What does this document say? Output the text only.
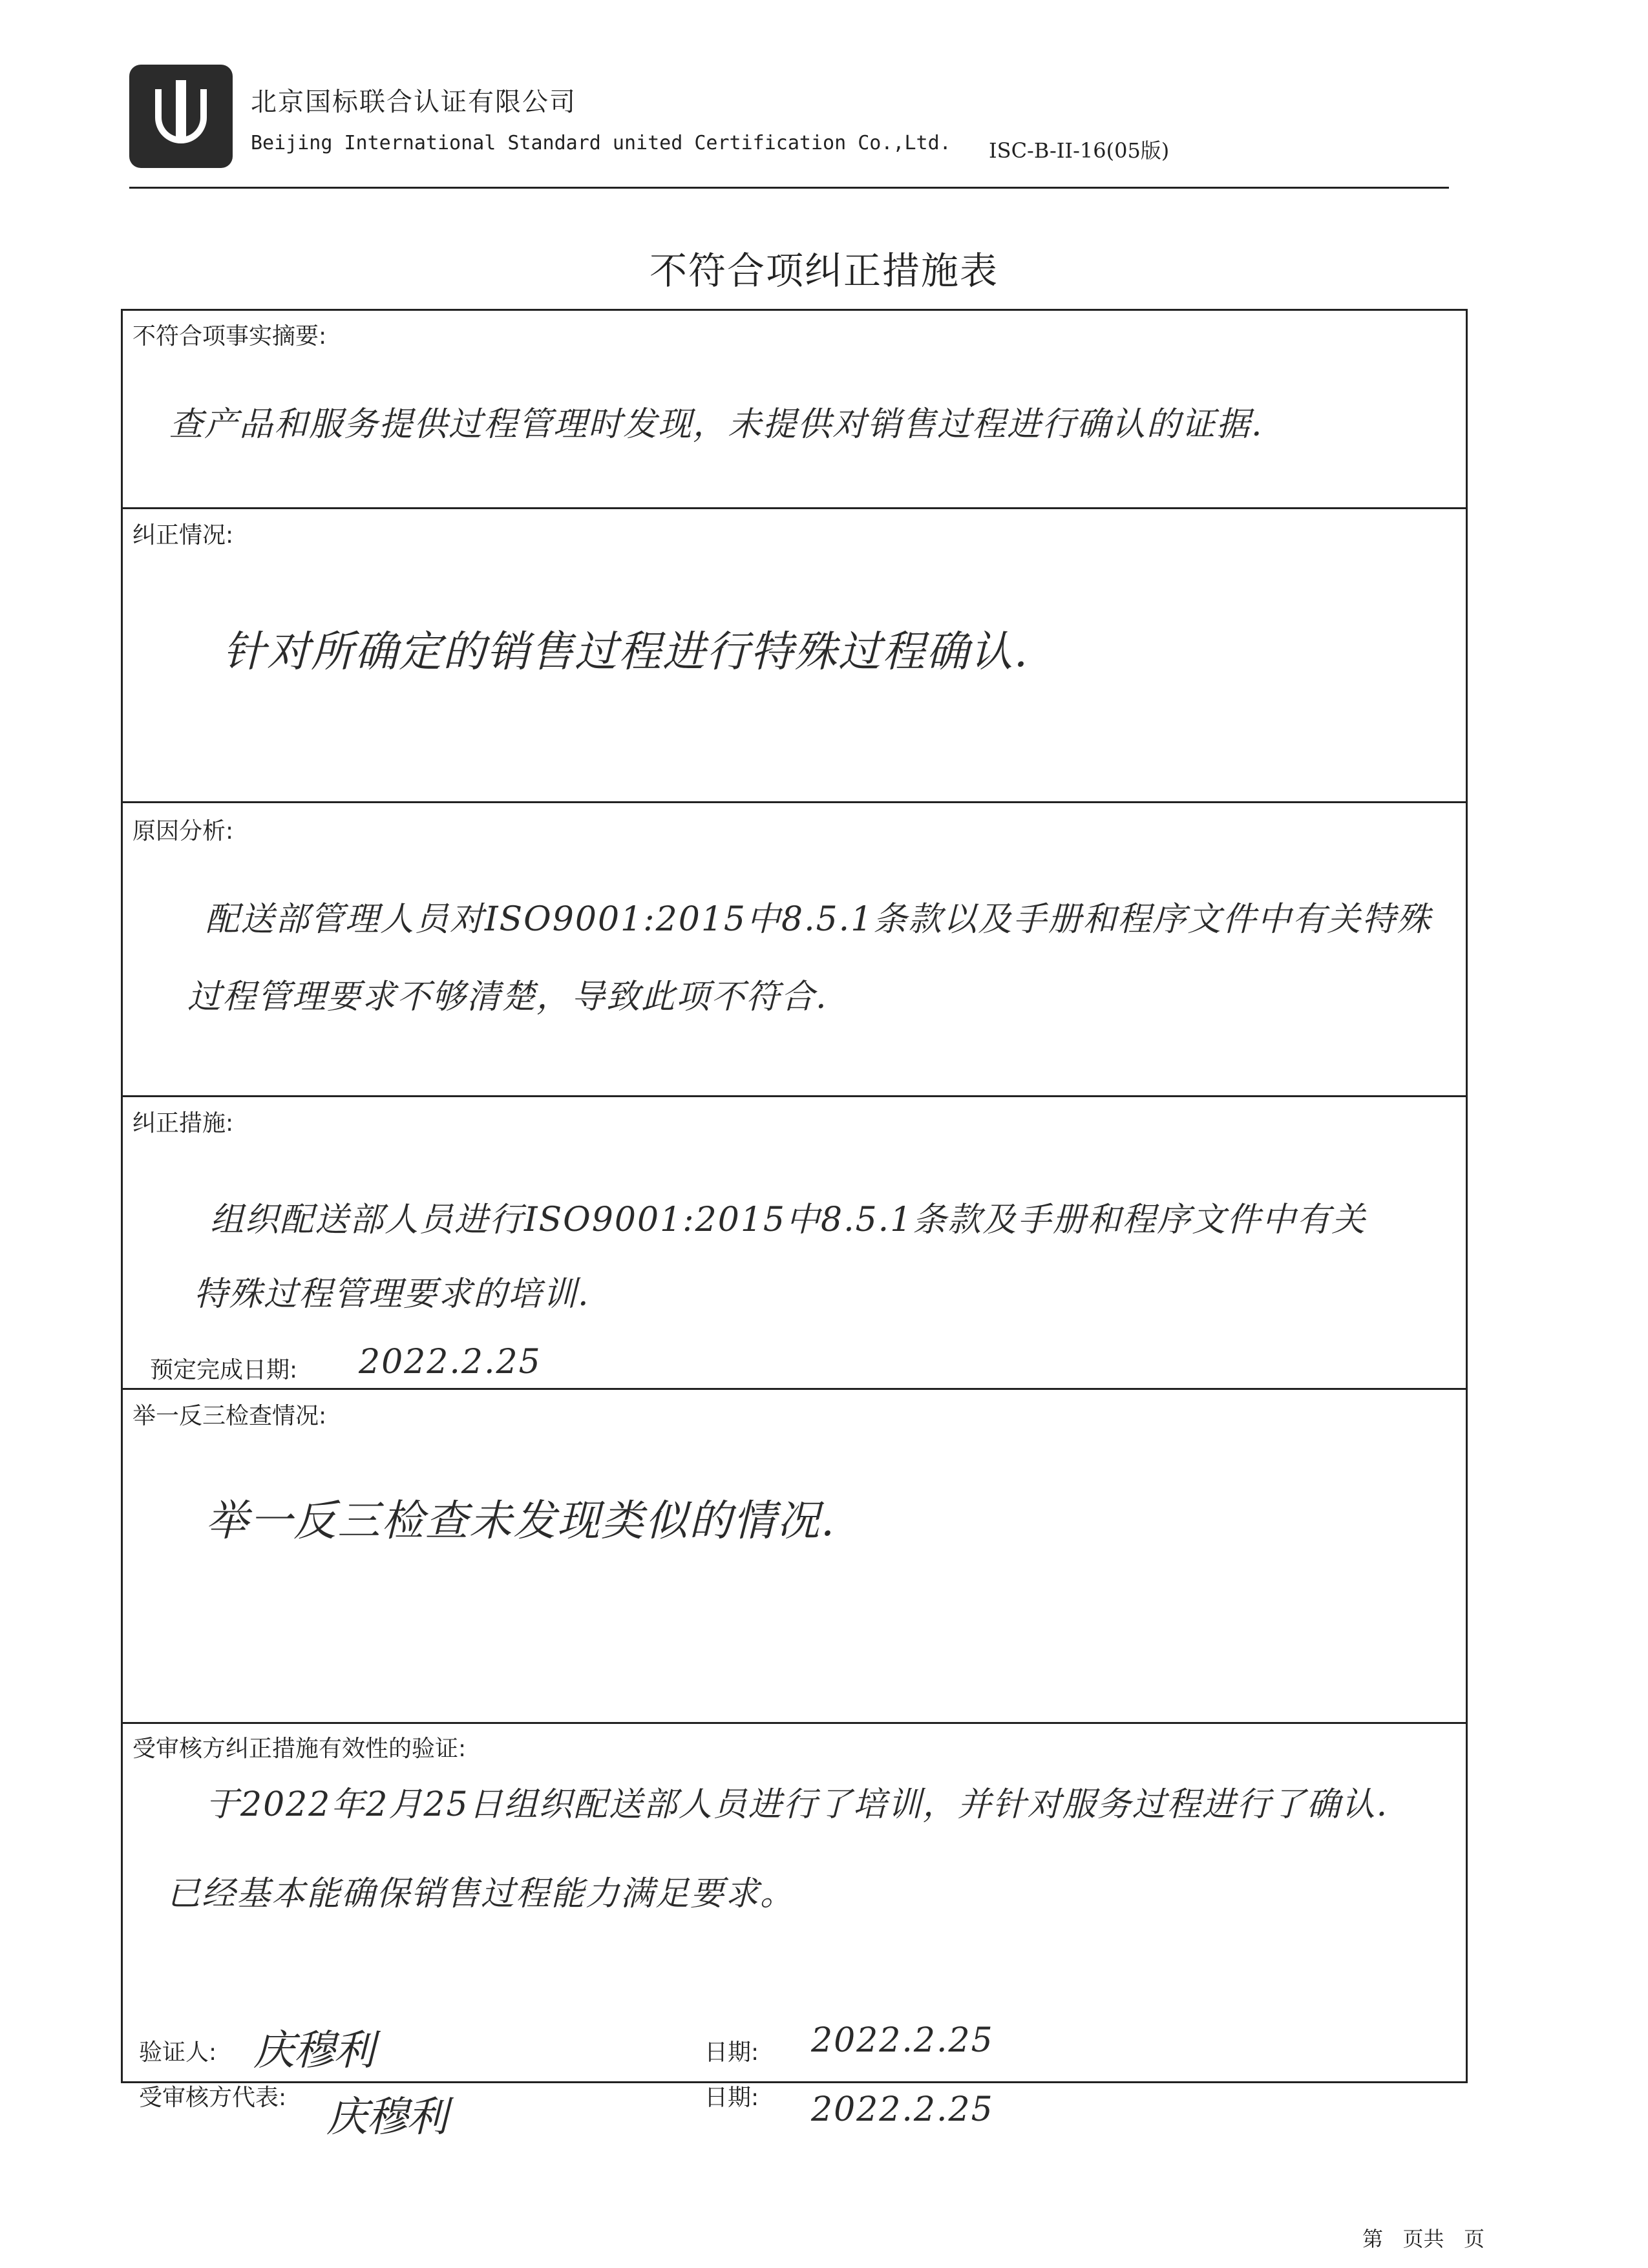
北京国标联合认证有限公司
Beijing International Standard united Certification Co.,Ltd. ISC-B-II-16(05版)
不符合项纠正措施表
不符合项事实摘要:
查产品和服务提供过程管理时发现，未提供对销售过程进行确认的证据.
纠正情况:
针对所确定的销售过程进行特殊过程确认.
原因分析:
配送部管理人员对ISO9001:2015中8.5.1条款以及手册和程序文件中有关特殊
过程管理要求不够清楚，导致此项不符合.
纠正措施:
组织配送部人员进行ISO9001:2015中8.5.1条款及手册和程序文件中有关
特殊过程管理要求的培训.
预定完成日期: 2022.2.25
举一反三检查情况:
举一反三检查未发现类似的情况.
受审核方纠正措施有效性的验证:
于2022年2月25日组织配送部人员进行了培训，并针对服务过程进行了确认.
已经基本能确保销售过程能力满足要求。
验证人: 庆穆利	日期: 2022.2.25
受审核方代表: 庆穆利	日期: 2022.2.25
第   页共   页
